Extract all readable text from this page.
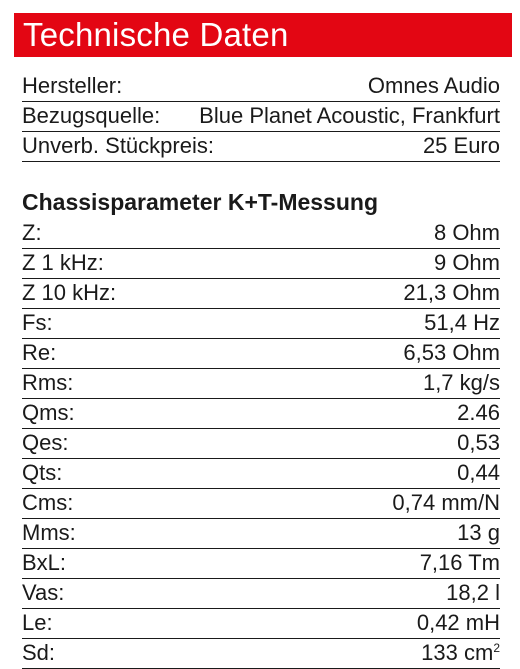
Technische Daten
Hersteller:	Omnes Audio
Bezugsquelle: Blue Planet Acoustic, Frankfurt
Unverb. Stückpreis:	25 Euro
Chassisparameter K+T-Messung
Z:	8 Ohm
Z 1 kHz:	9 Ohm
Z 10 kHz:	21,3 Ohm
Fs:	51,4 Hz
Re:	6,53 Ohm
Rms:	1,7 kg/s
Qms:	2.46
Qes:	0,53
Qts:	0,44
Cms:	0,74 mm/N
Mms:	13 g
BxL:	7,16 Tm
Vas:	18,2 l
Le:	0,42 mH
Sd:	133 $cm^2$
